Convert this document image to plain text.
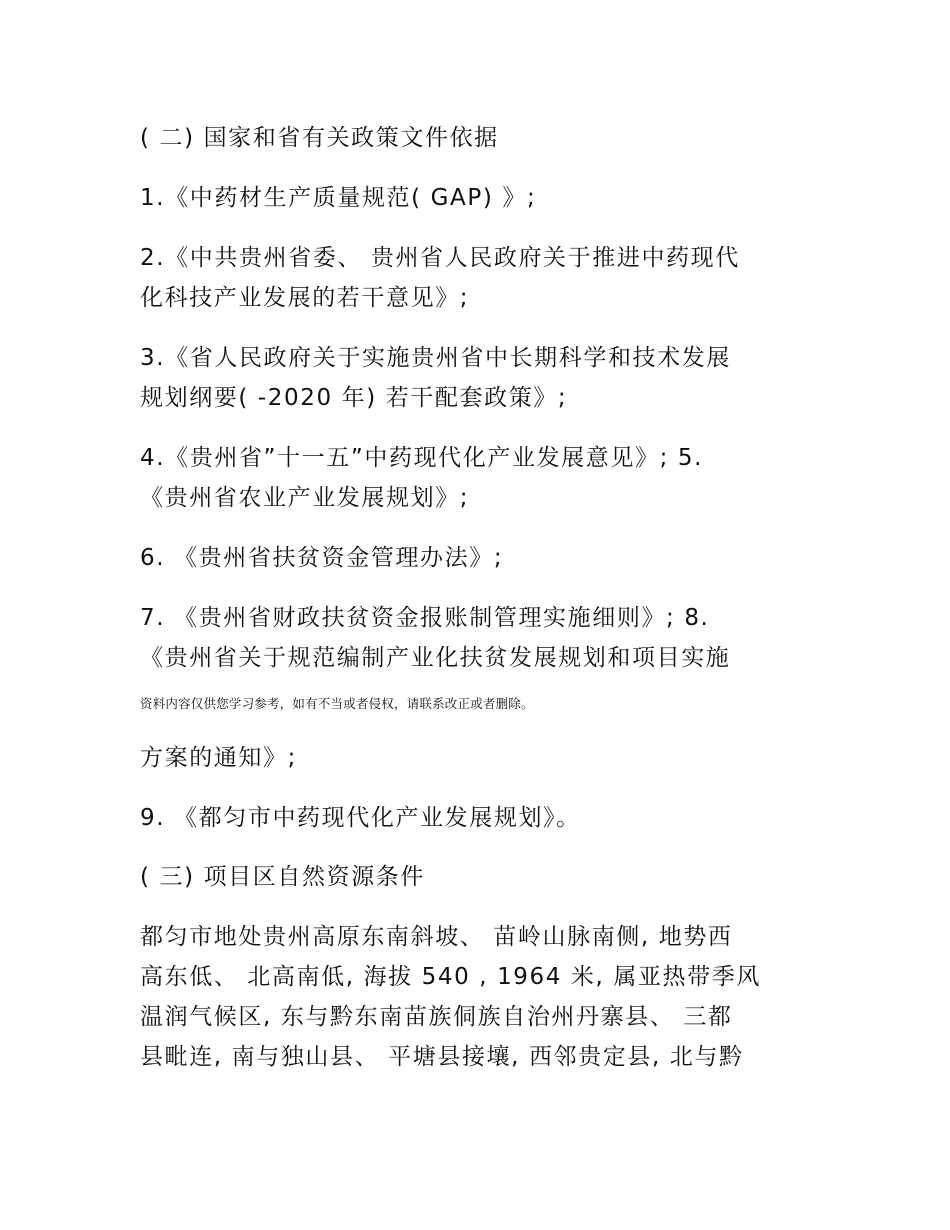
( 二) 国家和省有关政策文件依据
1.《中药材生产质量规范( GAP) 》;
2.《中共贵州省委、 贵州省人民政府关于推进中药现代
化科技产业发展的若干意见》;
3.《省人民政府关于实施贵州省中长期科学和技术发展
规划纲要( -2020 年) 若干配套政策》;
4.《贵州省”十一五”中药现代化产业发展意见》; 5.
《贵州省农业产业发展规划》;
6. 《贵州省扶贫资金管理办法》;
7. 《贵州省财政扶贫资金报账制管理实施细则》; 8.
《贵州省关于规范编制产业化扶贫发展规划和项目实施
资料内容仅供您学习参考，如有不当或者侵权，请联系改正或者删除。
方案的通知》;
9. 《都匀市中药现代化产业发展规划》。
( 三) 项目区自然资源条件
都匀市地处贵州高原东南斜坡、 苗岭山脉南侧, 地势西
高东低、 北高南低, 海拔 540 , 1964 米, 属亚热带季风
温润气候区, 东与黔东南苗族侗族自治州丹寨县、 三都
县毗连, 南与独山县、 平塘县接壤, 西邻贵定县, 北与黔
